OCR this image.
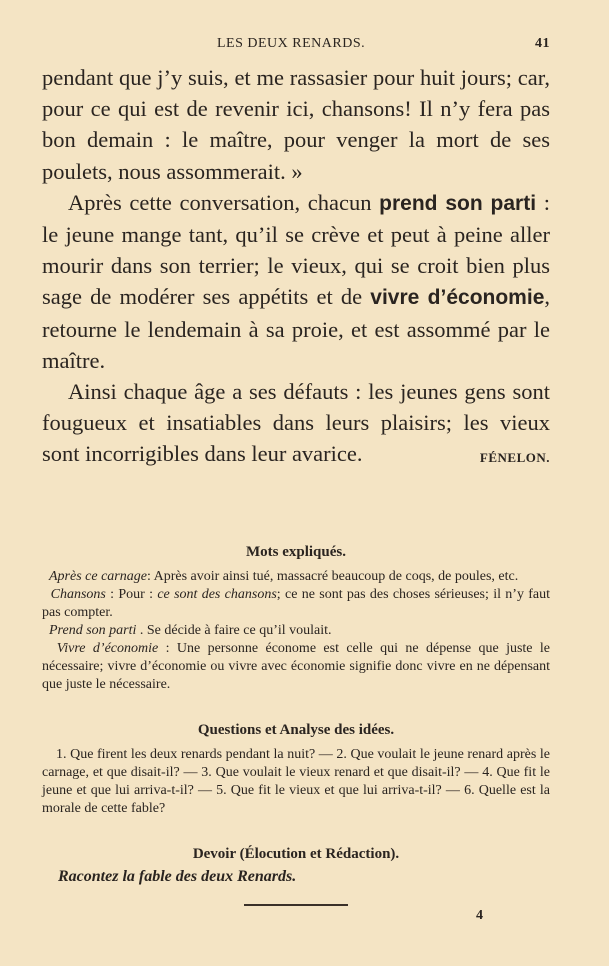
LES DEUX RENARDS.	41

pendant que j’y suis, et me rassasier pour huit jours; car, pour ce qui est de revenir ici, chansons! Il n’y fera pas bon demain : le maître, pour venger la mort de ses poulets, nous assommerait. »

Après cette conversation, chacun prend son parti : le jeune mange tant, qu’il se crève et peut à peine aller mourir dans son terrier; le vieux, qui se croit bien plus sage de modérer ses appétits et de vivre d’économie, retourne le lendemain à sa proie, et est assommé par le maître.

Ainsi chaque âge a ses défauts : les jeunes gens sont fougueux et insatiables dans leurs plaisirs; les vieux sont incorrigibles dans leur avarice.	FÉNELON.

Mots expliqués.

Après ce carnage: Après avoir ainsi tué, massacré beaucoup de coqs, de poules, etc.

Chansons : Pour : ce sont des chansons; ce ne sont pas des choses sérieuses; il n’y faut pas compter.

Prend son parti . Se décide à faire ce qu’il voulait.

Vivre d’économie : Une personne économe est celle qui ne dépense que juste le nécessaire; vivre d’économie ou vivre avec économie signifie donc vivre en ne dépensant que juste le nécessaire.

Questions et Analyse des idées.

1. Que firent les deux renards pendant la nuit? — 2. Que voulait le jeune renard après le carnage, et que disait-il? — 3. Que voulait le vieux renard et que disait-il? — 4. Que fit le jeune et que lui arriva-t-il? — 5. Que fit le vieux et que lui arriva-t-il? — 6. Quelle est la morale de cette fable?

Devoir (Élocution et Rédaction).
Racontez la fable des deux Renards.
4
